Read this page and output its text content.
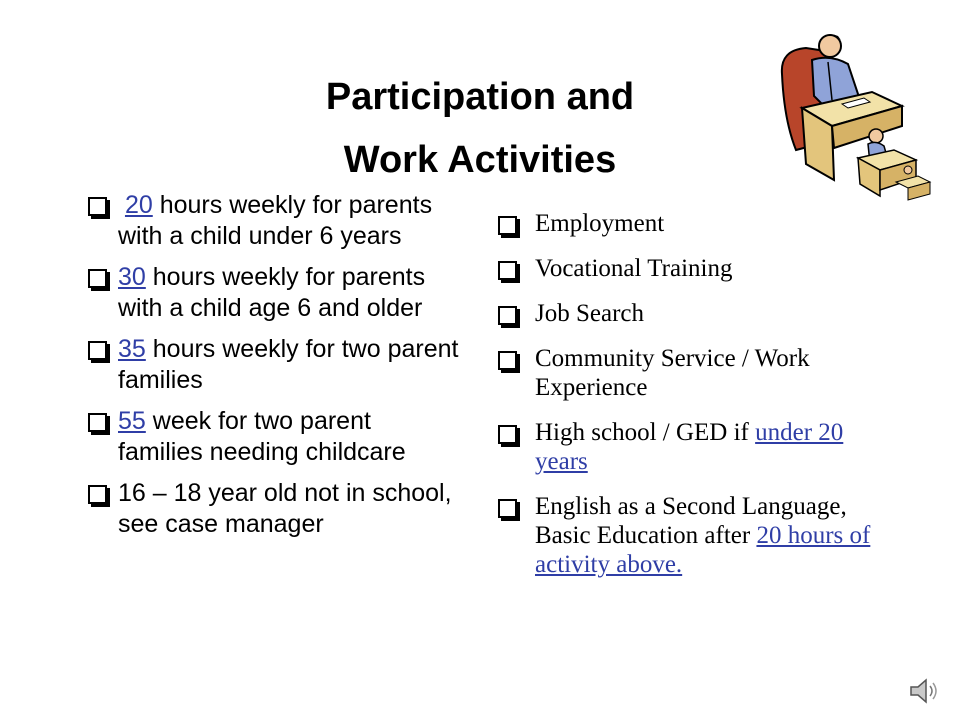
Participation and
Work Activities
20 hours weekly for parents with a child under 6 years
30 hours weekly for parents with a child age 6 and older
35 hours weekly for two parent families
55 week for two parent families needing childcare
16 – 18 year old not in school, see case manager
Employment
Vocational Training
Job Search
Community Service / Work Experience
High school / GED if under 20 years
English as a Second Language, Basic Education after 20 hours of activity above.
